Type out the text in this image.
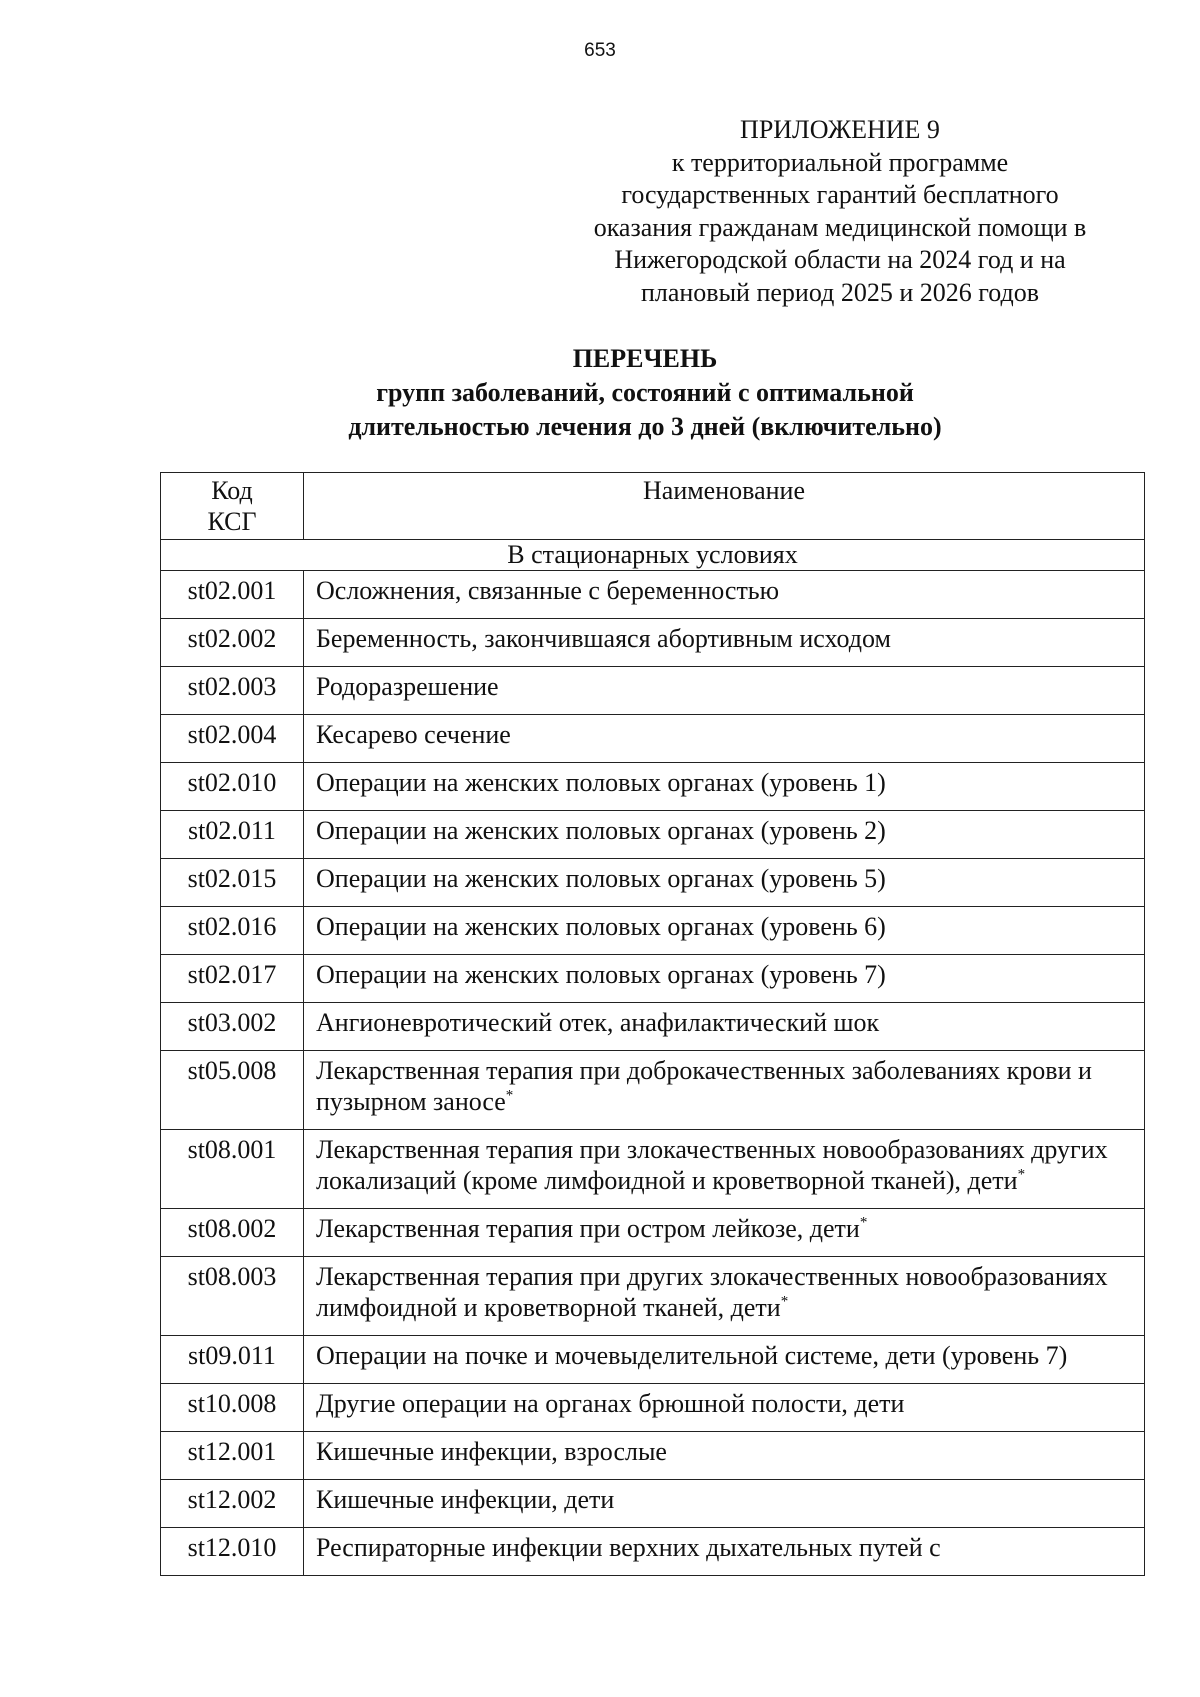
653
ПРИЛОЖЕНИЕ 9
к территориальной программе
государственных гарантий бесплатного
оказания гражданам медицинской помощи в
Нижегородской области на 2024 год и на
плановый период 2025 и 2026 годов
ПЕРЕЧЕНЬ
групп заболеваний, состояний с оптимальной
длительностью лечения до 3 дней (включительно)
Код
КСГ	Наименование
В стационарных условиях	
st02.001	Осложнения, связанные с беременностью
st02.002	Беременность, закончившаяся абортивным исходом
st02.003	Родоразрешение
st02.004	Кесарево сечение
st02.010	Операции на женских половых органах (уровень 1)
st02.011	Операции на женских половых органах (уровень 2)
st02.015	Операции на женских половых органах (уровень 5)
st02.016	Операции на женских половых органах (уровень 6)
st02.017	Операции на женских половых органах (уровень 7)
st03.002	Ангионевротический отек, анафилактический шок
st05.008	Лекарственная терапия при доброкачественных заболеваниях крови и пузырном заносе*
st08.001	Лекарственная терапия при злокачественных новообразованиях других локализаций (кроме лимфоидной и кроветворной тканей), дети*
st08.002	Лекарственная терапия при остром лейкозе, дети*
st08.003	Лекарственная терапия при других злокачественных новообразованиях лимфоидной и кроветворной тканей, дети*
st09.011	Операции на почке и мочевыделительной системе, дети (уровень 7)
st10.008	Другие операции на органах брюшной полости, дети
st12.001	Кишечные инфекции, взрослые
st12.002	Кишечные инфекции, дети
st12.010	Респираторные инфекции верхних дыхательных путей с
